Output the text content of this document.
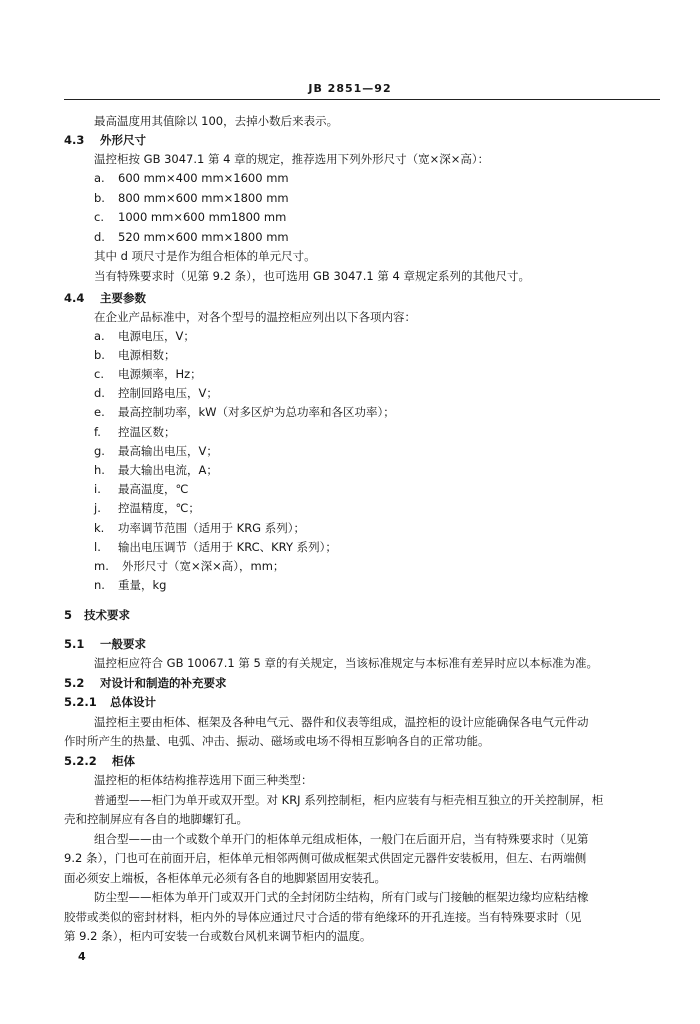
JB 2851—92
最高温度用其值除以 100，去掉小数后来表示。
4.3 外形尺寸
温控柜按 GB 3047.1 第 4 章的规定，推荐选用下列外形尺寸（宽×深×高）：
a. 600 mm×400 mm×1600 mm
b. 800 mm×600 mm×1800 mm
c. 1000 mm×600 mm1800 mm
d. 520 mm×600 mm×1800 mm
其中 d 项尺寸是作为组合柜体的单元尺寸。
当有特殊要求时（见第 9.2 条），也可选用 GB 3047.1 第 4 章规定系列的其他尺寸。
4.4 主要参数
在企业产品标准中，对各个型号的温控柜应列出以下各项内容：
a. 电源电压，V；
b. 电源相数；
c. 电源频率，Hz；
d. 控制回路电压，V；
e. 最高控制功率，kW（对多区炉为总功率和各区功率）；
f. 控温区数；
g. 最高输出电压，V；
h. 最大输出电流，A；
i. 最高温度，℃
j. 控温精度，℃；
k. 功率调节范围（适用于 KRG 系列）；
l. 输出电压调节（适用于 KRC、KRY 系列）；
m. 外形尺寸（宽×深×高），mm；
n. 重量，kg
5 技术要求
5.1 一般要求
温控柜应符合 GB 10067.1 第 5 章的有关规定，当该标准规定与本标准有差异时应以本标准为准。
5.2 对设计和制造的补充要求
5.2.1 总体设计
温控柜主要由柜体、框架及各种电气元、器件和仪表等组成，温控柜的设计应能确保各电气元件动
作时所产生的热量、电弧、冲击、振动、磁场或电场不得相互影响各自的正常功能。
5.2.2 柜体
温控柜的柜体结构推荐选用下面三种类型：
普通型——柜门为单开或双开型。对 KRJ 系列控制柜，柜内应装有与柜壳相互独立的开关控制屏，柜
壳和控制屏应有各自的地脚螺钉孔。
组合型——由一个或数个单开门的柜体单元组成柜体，一般门在后面开启，当有特殊要求时（见第
9.2 条），门也可在前面开启，柜体单元相邻两侧可做成框架式供固定元器件安装板用，但左、右两端侧
面必须安上端板，各柜体单元必须有各自的地脚紧固用安装孔。
防尘型——柜体为单开门或双开门式的全封闭防尘结构，所有门或与门接触的框架边缘均应粘结橡
胶带或类似的密封材料，柜内外的导体应通过尺寸合适的带有绝缘环的开孔连接。当有特殊要求时（见
第 9.2 条），柜内可安装一台或数台风机来调节柜内的温度。
4
